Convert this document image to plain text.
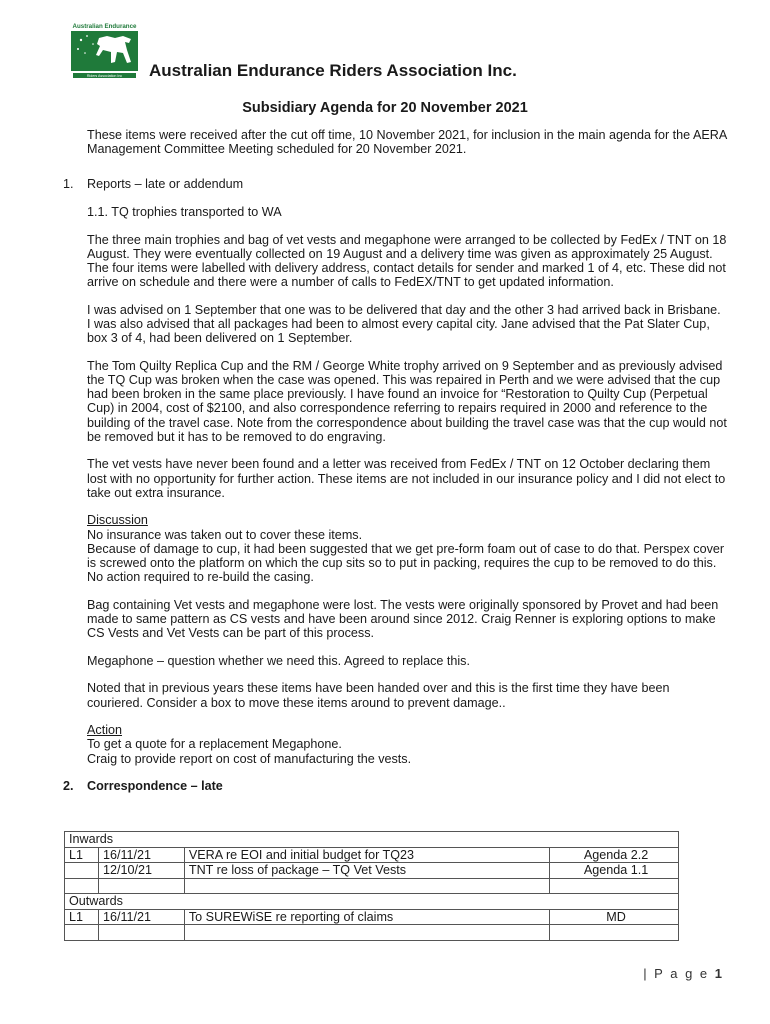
Australian Endurance
Riders Association Inc Australian Endurance Riders Association Inc.
Subsidiary Agenda for 20 November 2021

These items were received after the cut off time, 10 November 2021, for inclusion in the main agenda for the AERA Management Committee Meeting scheduled for 20 November 2021.

1. Reports – late or addendum

1.1. TQ trophies transported to WA

The three main trophies and bag of vet vests and megaphone were arranged to be collected by FedEx / TNT on 18 August. They were eventually collected on 19 August and a delivery time was given as approximately 25 August. The four items were labelled with delivery address, contact details for sender and marked 1 of 4, etc. These did not arrive on schedule and there were a number of calls to FedEX/TNT to get updated information.

I was advised on 1 September that one was to be delivered that day and the other 3 had arrived back in Brisbane. I was also advised that all packages had been to almost every capital city. Jane advised that the Pat Slater Cup, box 3 of 4, had been delivered on 1 September.

The Tom Quilty Replica Cup and the RM / George White trophy arrived on 9 September and as previously advised the TQ Cup was broken when the case was opened. This was repaired in Perth and we were advised that the cup had been broken in the same place previously. I have found an invoice for “Restoration to Quilty Cup (Perpetual Cup) in 2004, cost of $2100, and also correspondence referring to repairs required in 2000 and reference to the building of the travel case. Note from the correspondence about building the travel case was that the cup would not be removed but it has to be removed to do engraving.

The vet vests have never been found and a letter was received from FedEx / TNT on 12 October declaring them lost with no opportunity for further action. These items are not included in our insurance policy and I did not elect to take out extra insurance.

Discussion
No insurance was taken out to cover these items.
Because of damage to cup, it had been suggested that we get pre-form foam out of case to do that. Perspex cover is screwed onto the platform on which the cup sits so to put in packing, requires the cup to be removed to do this. No action required to re-build the casing.

Bag containing Vet vests and megaphone were lost. The vests were originally sponsored by Provet and had been made to same pattern as CS vests and have been around since 2012. Craig Renner is exploring options to make CS Vests and Vet Vests can be part of this process.

Megaphone – question whether we need this. Agreed to replace this.

Noted that in previous years these items have been handed over and this is the first time they have been couriered. Consider a box to move these items around to prevent damage..

Action
To get a quote for a replacement Megaphone.
Craig to provide report on cost of manufacturing the vests.

2. Correspondence – late

Inwards			
L1	16/11/21	VERA re EOI and initial budget for TQ23	Agenda 2.2
	12/10/21	TNT re loss of package – TQ Vet Vests	Agenda 1.1

Outwards			
L1	16/11/21	To SUREWiSE re reporting of claims	MD

| P a g e 1
